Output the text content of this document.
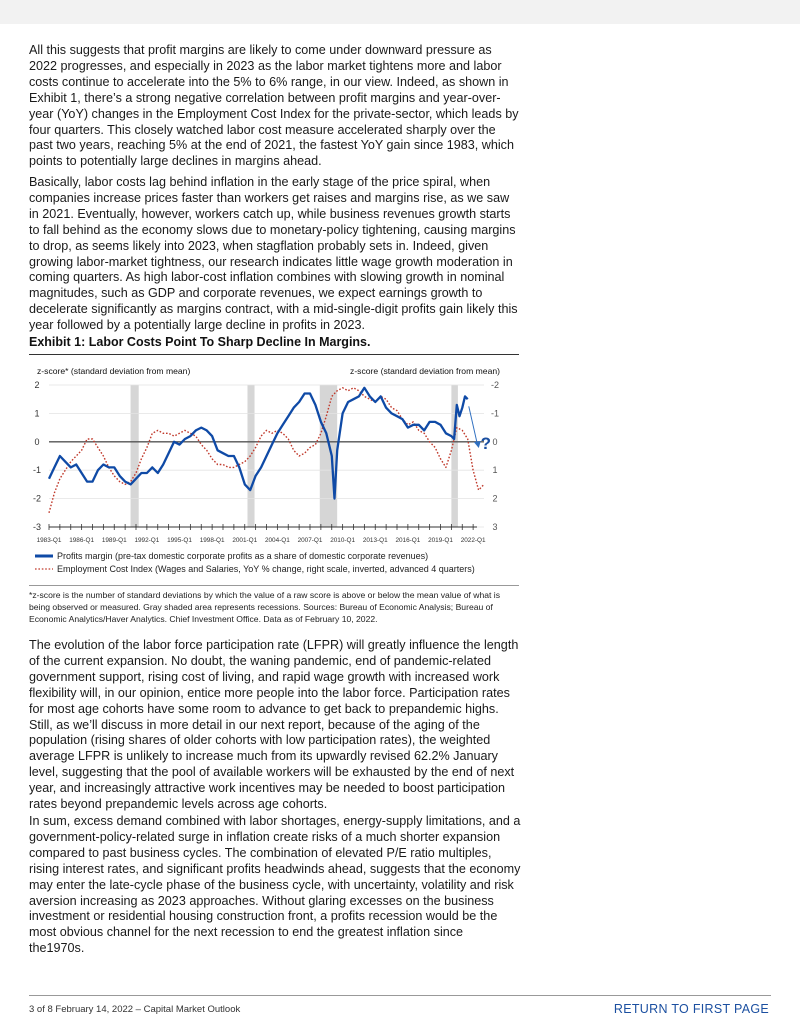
All this suggests that profit margins are likely to come under downward pressure as 2022 progresses, and especially in 2023 as the labor market tightens more and labor costs continue to accelerate into the 5% to 6% range, in our view. Indeed, as shown in Exhibit 1, there’s a strong negative correlation between profit margins and year-over-year (YoY) changes in the Employment Cost Index for the private-sector, which leads by four quarters. This closely watched labor cost measure accelerated sharply over the past two years, reaching 5% at the end of 2021, the fastest YoY gain since 1983, which points to potentially large declines in margins ahead.

Basically, labor costs lag behind inflation in the early stage of the price spiral, when companies increase prices faster than workers get raises and margins rise, as we saw in 2021. Eventually, however, workers catch up, while business revenues growth starts to fall behind as the economy slows due to monetary-policy tightening, causing margins to drop, as seems likely into 2023, when stagflation probably sets in. Indeed, given growing labor-market tightness, our research indicates little wage growth moderation in coming quarters. As high labor-cost inflation combines with slowing growth in nominal magnitudes, such as GDP and corporate revenues, we expect earnings growth to decelerate significantly as margins contract, with a mid-single-digit profits gain likely this year followed by a potentially large decline in profits in 2023.

Exhibit 1: Labor Costs Point To Sharp Decline In Margins.
1983-Q1 1986-Q1 1989-Q1 1992-Q1 1995-Q1 1998-Q1 2001-Q1 2004-Q1 2007-Q1 2010-Q1 2013-Q1 2016-Q1 2019-Q1 2022-Q1
2
1
0
-1
-2
-3
-2
-1
0
1
2
3
z-score* (standard deviation from mean)	z-score (standard deviation from mean)
?
Profits margin (pre-tax domestic corporate profits as a share of domestic corporate revenues)
Employment Cost Index (Wages and Salaries, YoY % change, right scale, inverted, advanced 4 quarters)

*z-score is the number of standard deviations by which the value of a raw score is above or below the mean value of what is being observed or measured. Gray shaded area represents recessions. Sources: Bureau of Economic Analysis; Bureau of Economic Analytics/Haver Analytics. Chief Investment Office. Data as of February 10, 2022.

The evolution of the labor force participation rate (LFPR) will greatly influence the length of the current expansion. No doubt, the waning pandemic, end of pandemic-related government support, rising cost of living, and rapid wage growth with increased work flexibility will, in our opinion, entice more people into the labor force. Participation rates for most age cohorts have some room to advance to get back to prepandemic highs. Still, as we’ll discuss in more detail in our next report, because of the aging of the population (rising shares of older cohorts with low participation rates), the weighted average LFPR is unlikely to increase much from its upwardly revised 62.2% January level, suggesting that the pool of available workers will be exhausted by the end of next year, and increasingly attractive work incentives may be needed to boost participation rates beyond prepandemic levels across age cohorts.

In sum, excess demand combined with labor shortages, energy-supply limitations, and a government-policy-related surge in inflation create risks of a much shorter expansion compared to past business cycles. The combination of elevated P/E ratio multiples, rising interest rates, and significant profits headwinds ahead, suggests that the economy may enter the late-cycle phase of the business cycle, with uncertainty, volatility and risk aversion increasing as 2023 approaches. Without glaring excesses on the business investment or residential housing construction front, a profits recession would be the most obvious channel for the next recession to end the greatest inflation since the1970s.

3 of 8 February 14, 2022 – Capital Market Outlook	RETURN TO FIRST PAGE
